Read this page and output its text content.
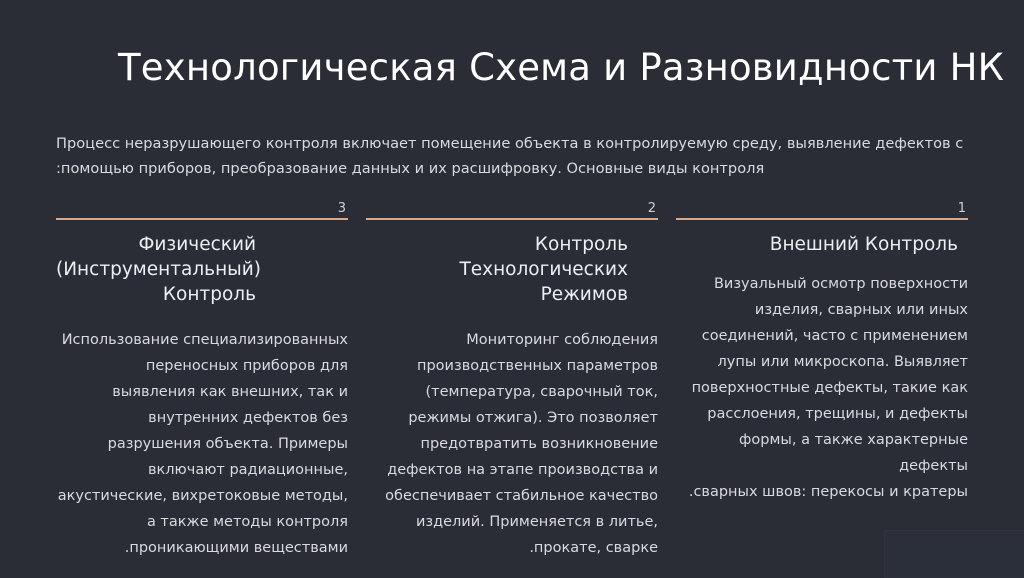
Технологическая Схема и Разновидности НК
Процесс неразрушающего контроля включает помещение объекта в контролируемую среду, выявление дефектов с
:помощью приборов, преобразование данных и их расшифровку. Основные виды контроля
3
Физический
(Инструментальный)
Контроль
Использование специализированных
переносных приборов для
выявления как внешних, так и
внутренних дефектов без
разрушения объекта. Примеры
включают радиационные,
акустические, вихретоковые методы,
а также методы контроля
.проникающими веществами
2
Контроль Технологических
Режимов
Мониторинг соблюдения
производственных параметров
(температура, сварочный ток,
режимы отжига). Это позволяет
предотвратить возникновение
дефектов на этапе производства и
обеспечивает стабильное качество
изделий. Применяется в литье,
.прокате, сварке
1
Внешний Контроль
Визуальный осмотр поверхности
изделия, сварных или иных
соединений, часто с применением
лупы или микроскопа. Выявляет
поверхностные дефекты, такие как
расслоения, трещины, и дефекты
формы, а также характерные дефекты
.сварных швов: перекосы и кратеры
